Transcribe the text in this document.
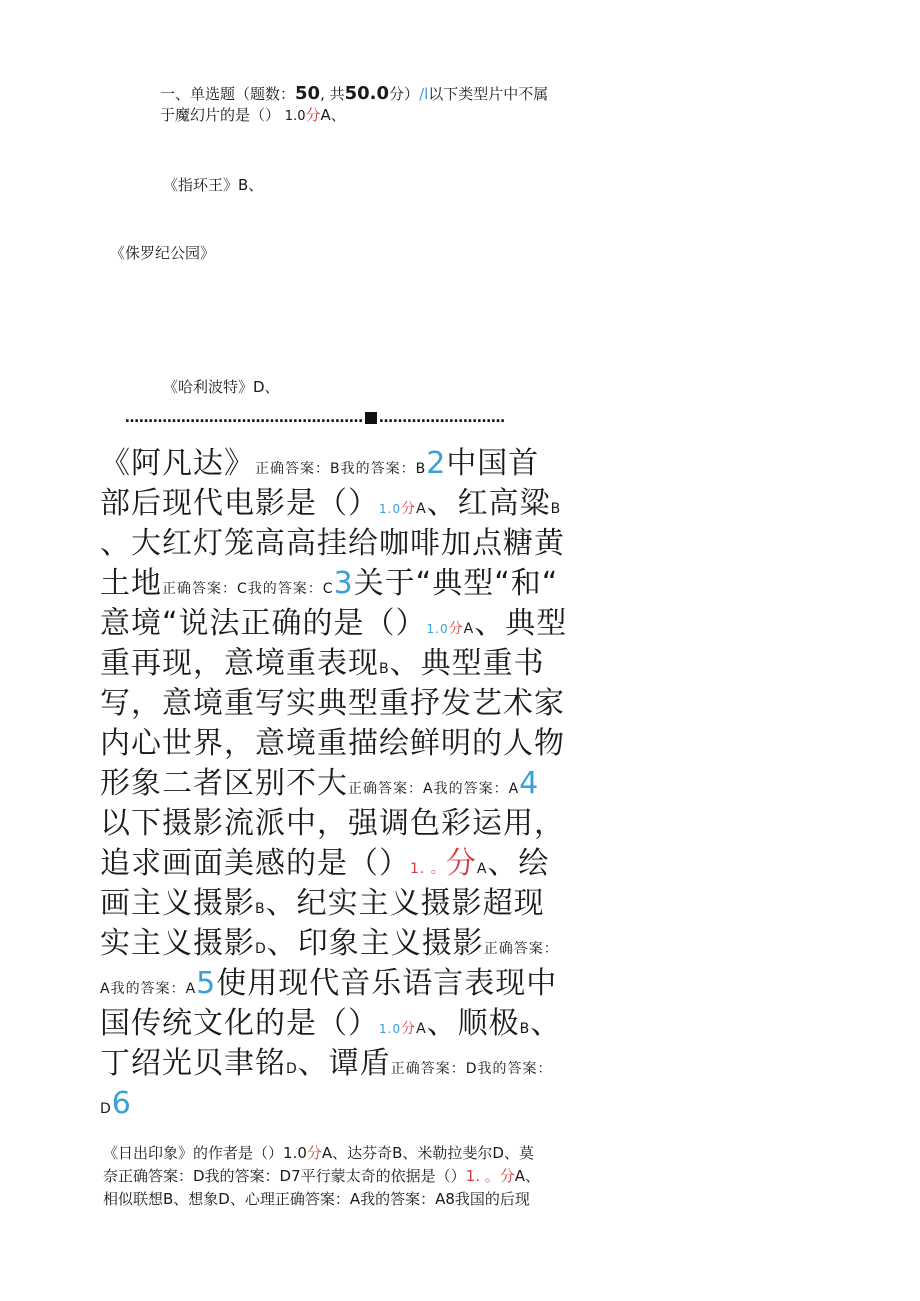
一、单选题（题数：50, 共50.0分）/l以下类型片中不属
于魔幻片的是（） 1.0分A、
《指环王》B、
《侏罗纪公园》
《哈利波特》D、
…………………………………………… ………………………
《阿凡达》正确答案：B我的答案：B2中国首
部后现代电影是（）1.0分A、红高粱B
、大红灯笼高高挂给咖啡加点糖黄
土地正确答案：C我的答案：C3关于“典型“和“
意境“说法正确的是（）1.0分A、典型
重再现，意境重表现B、典型重书
写，意境重写实典型重抒发艺术家
内心世界，意境重描绘鲜明的人物
形象二者区别不大正确答案：A我的答案：A4
以下摄影流派中，强调色彩运用，
追求画面美感的是（）1. 。分A、绘
画主义摄影B、纪实主义摄影超现
实主义摄影D、印象主义摄影正确答案：
A我的答案：A5使用现代音乐语言表现中
国传统文化的是（）1.0分A、顺极B、
丁绍光贝聿铭D、谭盾正确答案：D我的答案：
D6
《日出印象》的作者是（）1.0分A、达芬奇B、米勒拉斐尔D、莫
奈正确答案：D我的答案：D7平行蒙太奇的依据是（）1. 。分A、
相似联想B、想象D、心理正确答案：A我的答案：A8我国的后现
